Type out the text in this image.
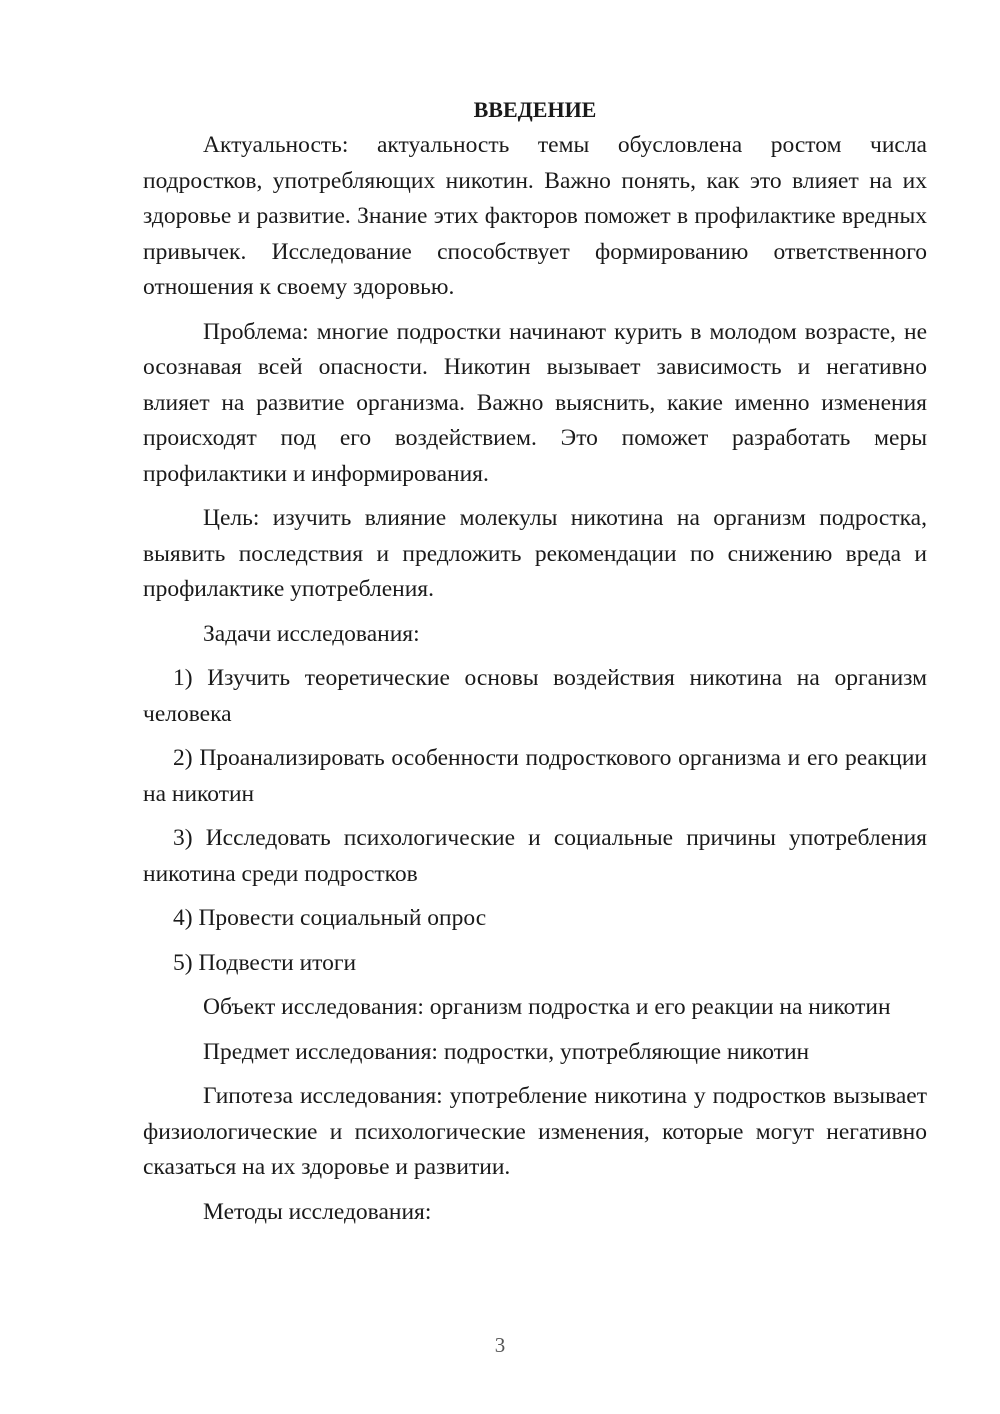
ВВЕДЕНИЕ

Актуальность: актуальность темы обусловлена ростом числа подростков, употребляющих никотин. Важно понять, как это влияет на их здоровье и развитие. Знание этих факторов поможет в профилактике вредных привычек. Исследование способствует формированию ответственного отношения к своему здоровью.

Проблема: многие подростки начинают курить в молодом возрасте, не осознавая всей опасности. Никотин вызывает зависимость и негативно влияет на развитие организма. Важно выяснить, какие именно изменения происходят под его воздействием. Это поможет разработать меры профилактики и информирования.

Цель: изучить влияние молекулы никотина на организм подростка, выявить последствия и предложить рекомендации по снижению вреда и профилактике употребления.

Задачи исследования:

1) Изучить теоретические основы воздействия никотина на организм человека

2) Проанализировать особенности подросткового организма и его реакции на никотин

3) Исследовать психологические и социальные причины употребления никотина среди подростков

4) Провести социальный опрос

5) Подвести итоги

Объект исследования: организм подростка и его реакции на никотин

Предмет исследования: подростки, употребляющие никотин

Гипотеза исследования: употребление никотина у подростков вызывает физиологические и психологические изменения, которые могут негативно сказаться на их здоровье и развитии.

Методы исследования:

3
